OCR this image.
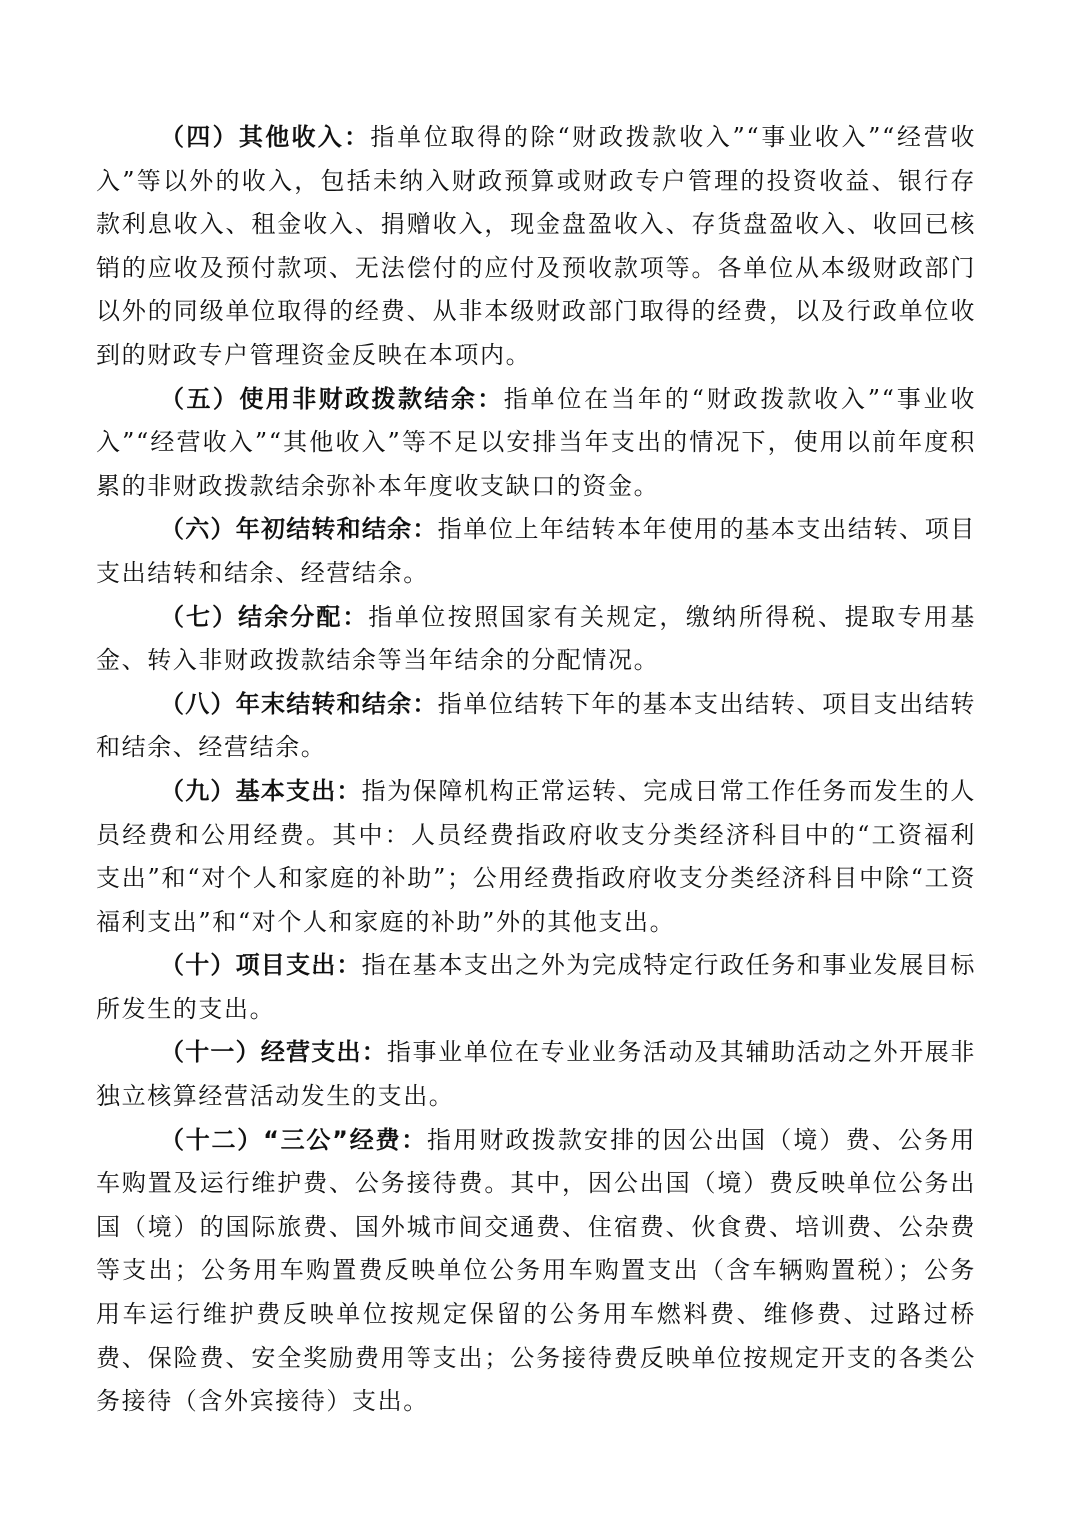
（四）其他收入：指单位取得的除“财政拨款收入”“事业收入”“经营收入”等以外的收入，包括未纳入财政预算或财政专户管理的投资收益、银行存款利息收入、租金收入、捐赠收入，现金盘盈收入、存货盘盈收入、收回已核销的应收及预付款项、无法偿付的应付及预收款项等。各单位从本级财政部门以外的同级单位取得的经费、从非本级财政部门取得的经费，以及行政单位收到的财政专户管理资金反映在本项内。

（五）使用非财政拨款结余：指单位在当年的“财政拨款收入”“事业收入”“经营收入”“其他收入”等不足以安排当年支出的情况下，使用以前年度积累的非财政拨款结余弥补本年度收支缺口的资金。

（六）年初结转和结余：指单位上年结转本年使用的基本支出结转、项目支出结转和结余、经营结余。

（七）结余分配：指单位按照国家有关规定，缴纳所得税、提取专用基金、转入非财政拨款结余等当年结余的分配情况。

（八）年末结转和结余：指单位结转下年的基本支出结转、项目支出结转和结余、经营结余。

（九）基本支出：指为保障机构正常运转、完成日常工作任务而发生的人员经费和公用经费。其中：人员经费指政府收支分类经济科目中的“工资福利支出”和“对个人和家庭的补助”；公用经费指政府收支分类经济科目中除“工资福利支出”和“对个人和家庭的补助”外的其他支出。

（十）项目支出：指在基本支出之外为完成特定行政任务和事业发展目标所发生的支出。

（十一）经营支出：指事业单位在专业业务活动及其辅助活动之外开展非独立核算经营活动发生的支出。

（十二）“三公”经费：指用财政拨款安排的因公出国（境）费、公务用车购置及运行维护费、公务接待费。其中，因公出国（境）费反映单位公务出国（境）的国际旅费、国外城市间交通费、住宿费、伙食费、培训费、公杂费等支出；公务用车购置费反映单位公务用车购置支出（含车辆购置税）；公务用车运行维护费反映单位按规定保留的公务用车燃料费、维修费、过路过桥费、保险费、安全奖励费用等支出；公务接待费反映单位按规定开支的各类公务接待（含外宾接待）支出。
